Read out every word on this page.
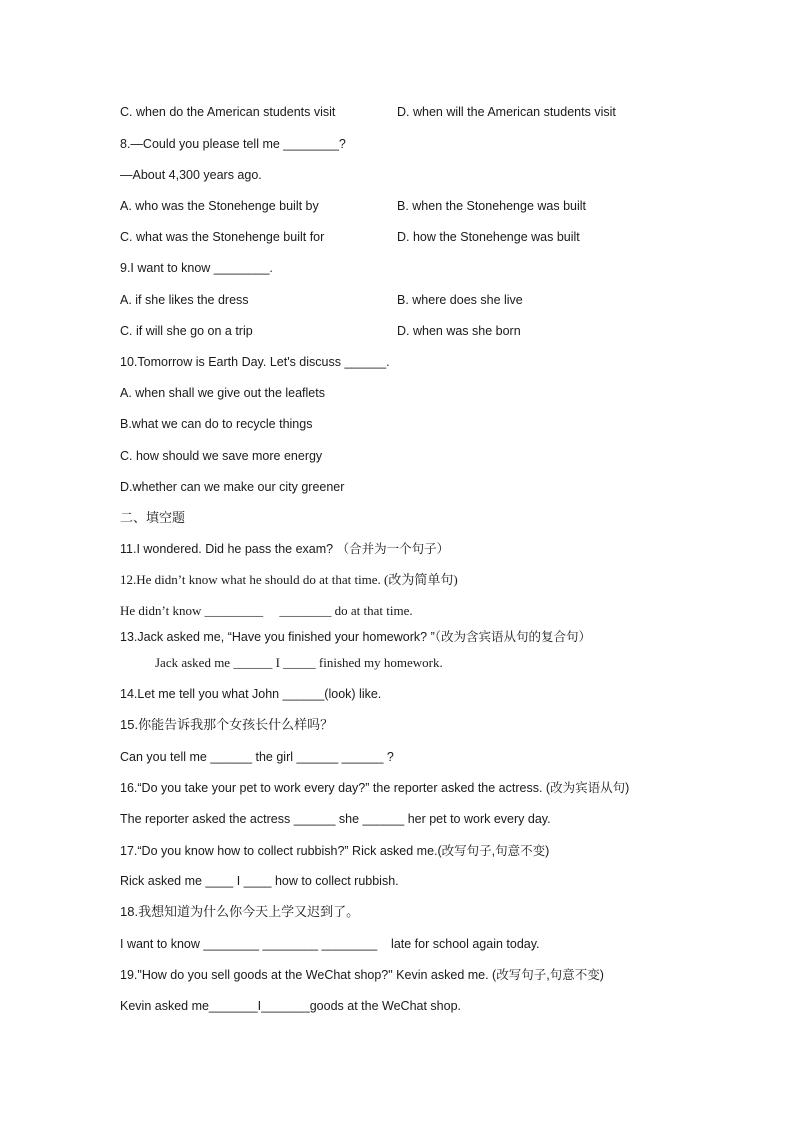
C. when do the American students visit	D. when will the American students visit
8.—Could you please tell me ________?
—About 4,300 years ago.
A. who was the Stonehenge built by	B. when the Stonehenge was built
C. what was the Stonehenge built for	D. how the Stonehenge was built
9.I want to know ________.
A. if she likes the dress	B. where does she live
C. if will she go on a trip	D. when was she born
10.Tomorrow is Earth Day. Let's discuss ______.
A. when shall we give out the leaflets
B.what we can do to recycle things
C. how should we save more energy
D.whether can we make our city greener
二、填空题
11.I wondered. Did he pass the exam? （合并为一个句子）
12.He didn’t know what he should do at that time. (改为简单句)
He didn’t know _________     ________ do at that time.
13.Jack asked me, “Have you finished your homework? ”（改为含宾语从句的复合句）
Jack asked me ______ I _____ finished my homework.
14.Let me tell you what John ______(look) like.
15.你能告诉我那个女孩长什么样吗？
Can you tell me ______ the girl ______ ______ ?
16.“Do you take your pet to work every day?” the reporter asked the actress. (改为宾语从句)
The reporter asked the actress ______ she ______ her pet to work every day.
17.“Do you know how to collect rubbish?” Rick asked me.(改写句子,句意不变)
Rick asked me ____ I ____ how to collect rubbish.
18.我想知道为什么你今天上学又迟到了。
I want to know ________ ________ ________    late for school again today.
19."How do you sell goods at the WeChat shop?" Kevin asked me. (改写句子,句意不变)
Kevin asked me_______I_______goods at the WeChat shop.
